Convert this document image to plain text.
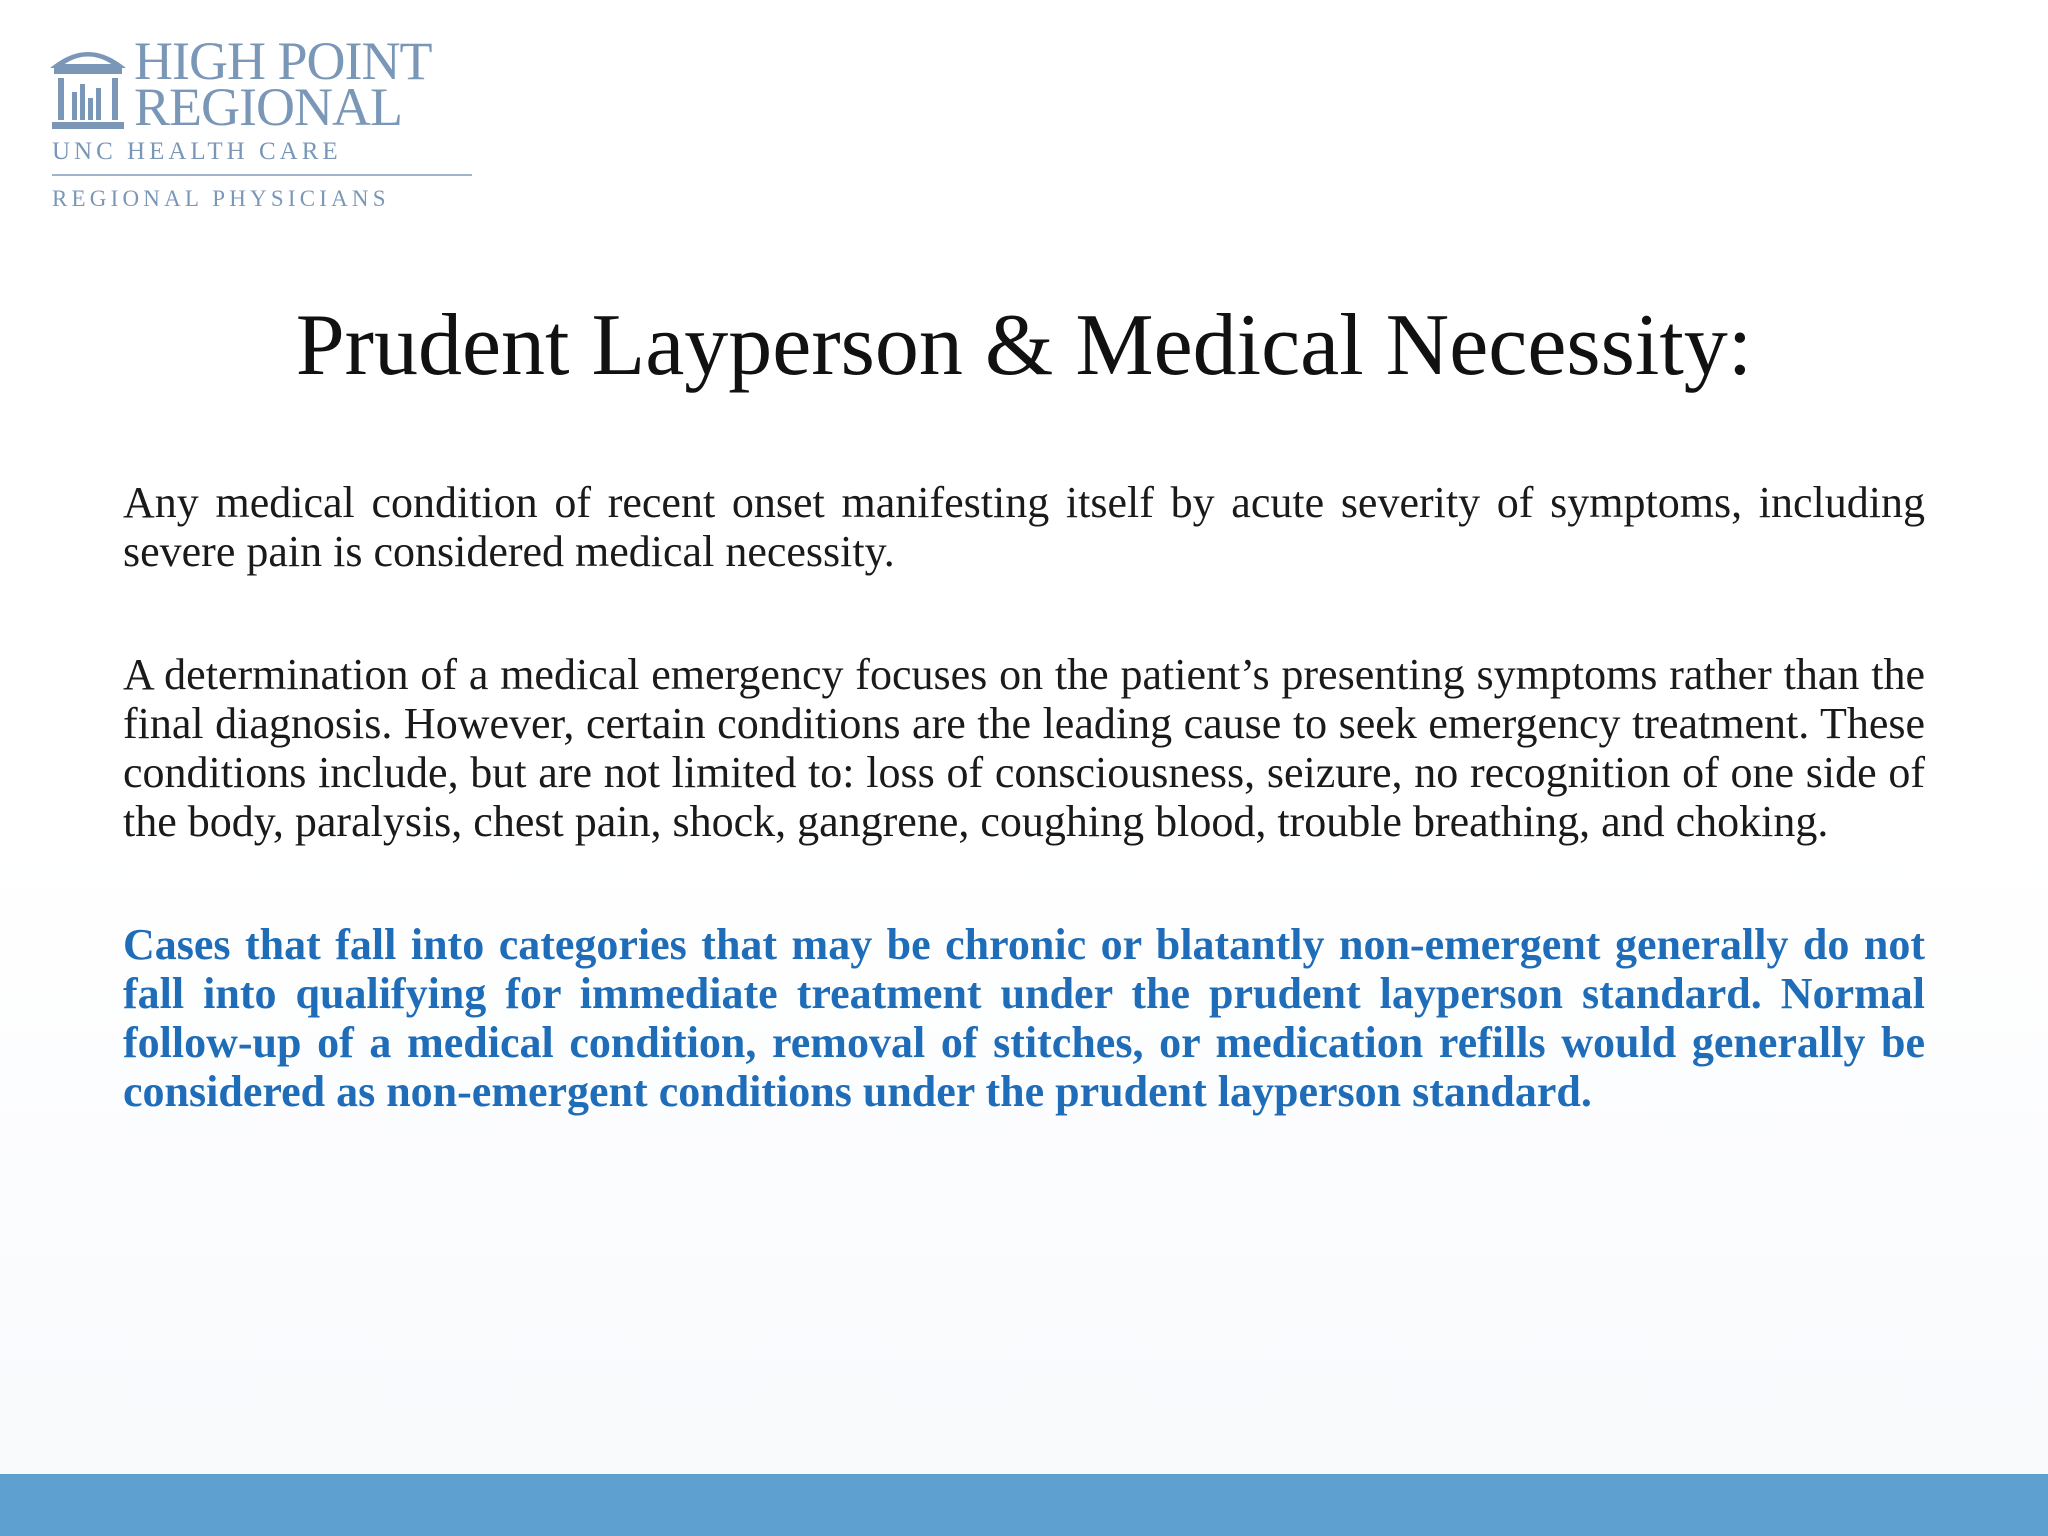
HIGH POINT
REGIONAL
UNC HEALTH CARE
REGIONAL PHYSICIANS
Prudent Layperson & Medical Necessity:

Any medical condition of recent onset manifesting itself by acute severity of symptoms, including severe pain is considered medical necessity.

A determination of a medical emergency focuses on the patient’s presenting symptoms rather than the final diagnosis. However, certain conditions are the leading cause to seek emergency treatment. These conditions include, but are not limited to: loss of consciousness, seizure, no recognition of one side of the body, paralysis, chest pain, shock, gangrene, coughing blood, trouble breathing, and choking.

Cases that fall into categories that may be chronic or blatantly non-emergent generally do not fall into qualifying for immediate treatment under the prudent layperson standard. Normal follow-up of a medical condition, removal of stitches, or medication refills would generally be considered as non-emergent conditions under the prudent layperson standard.
